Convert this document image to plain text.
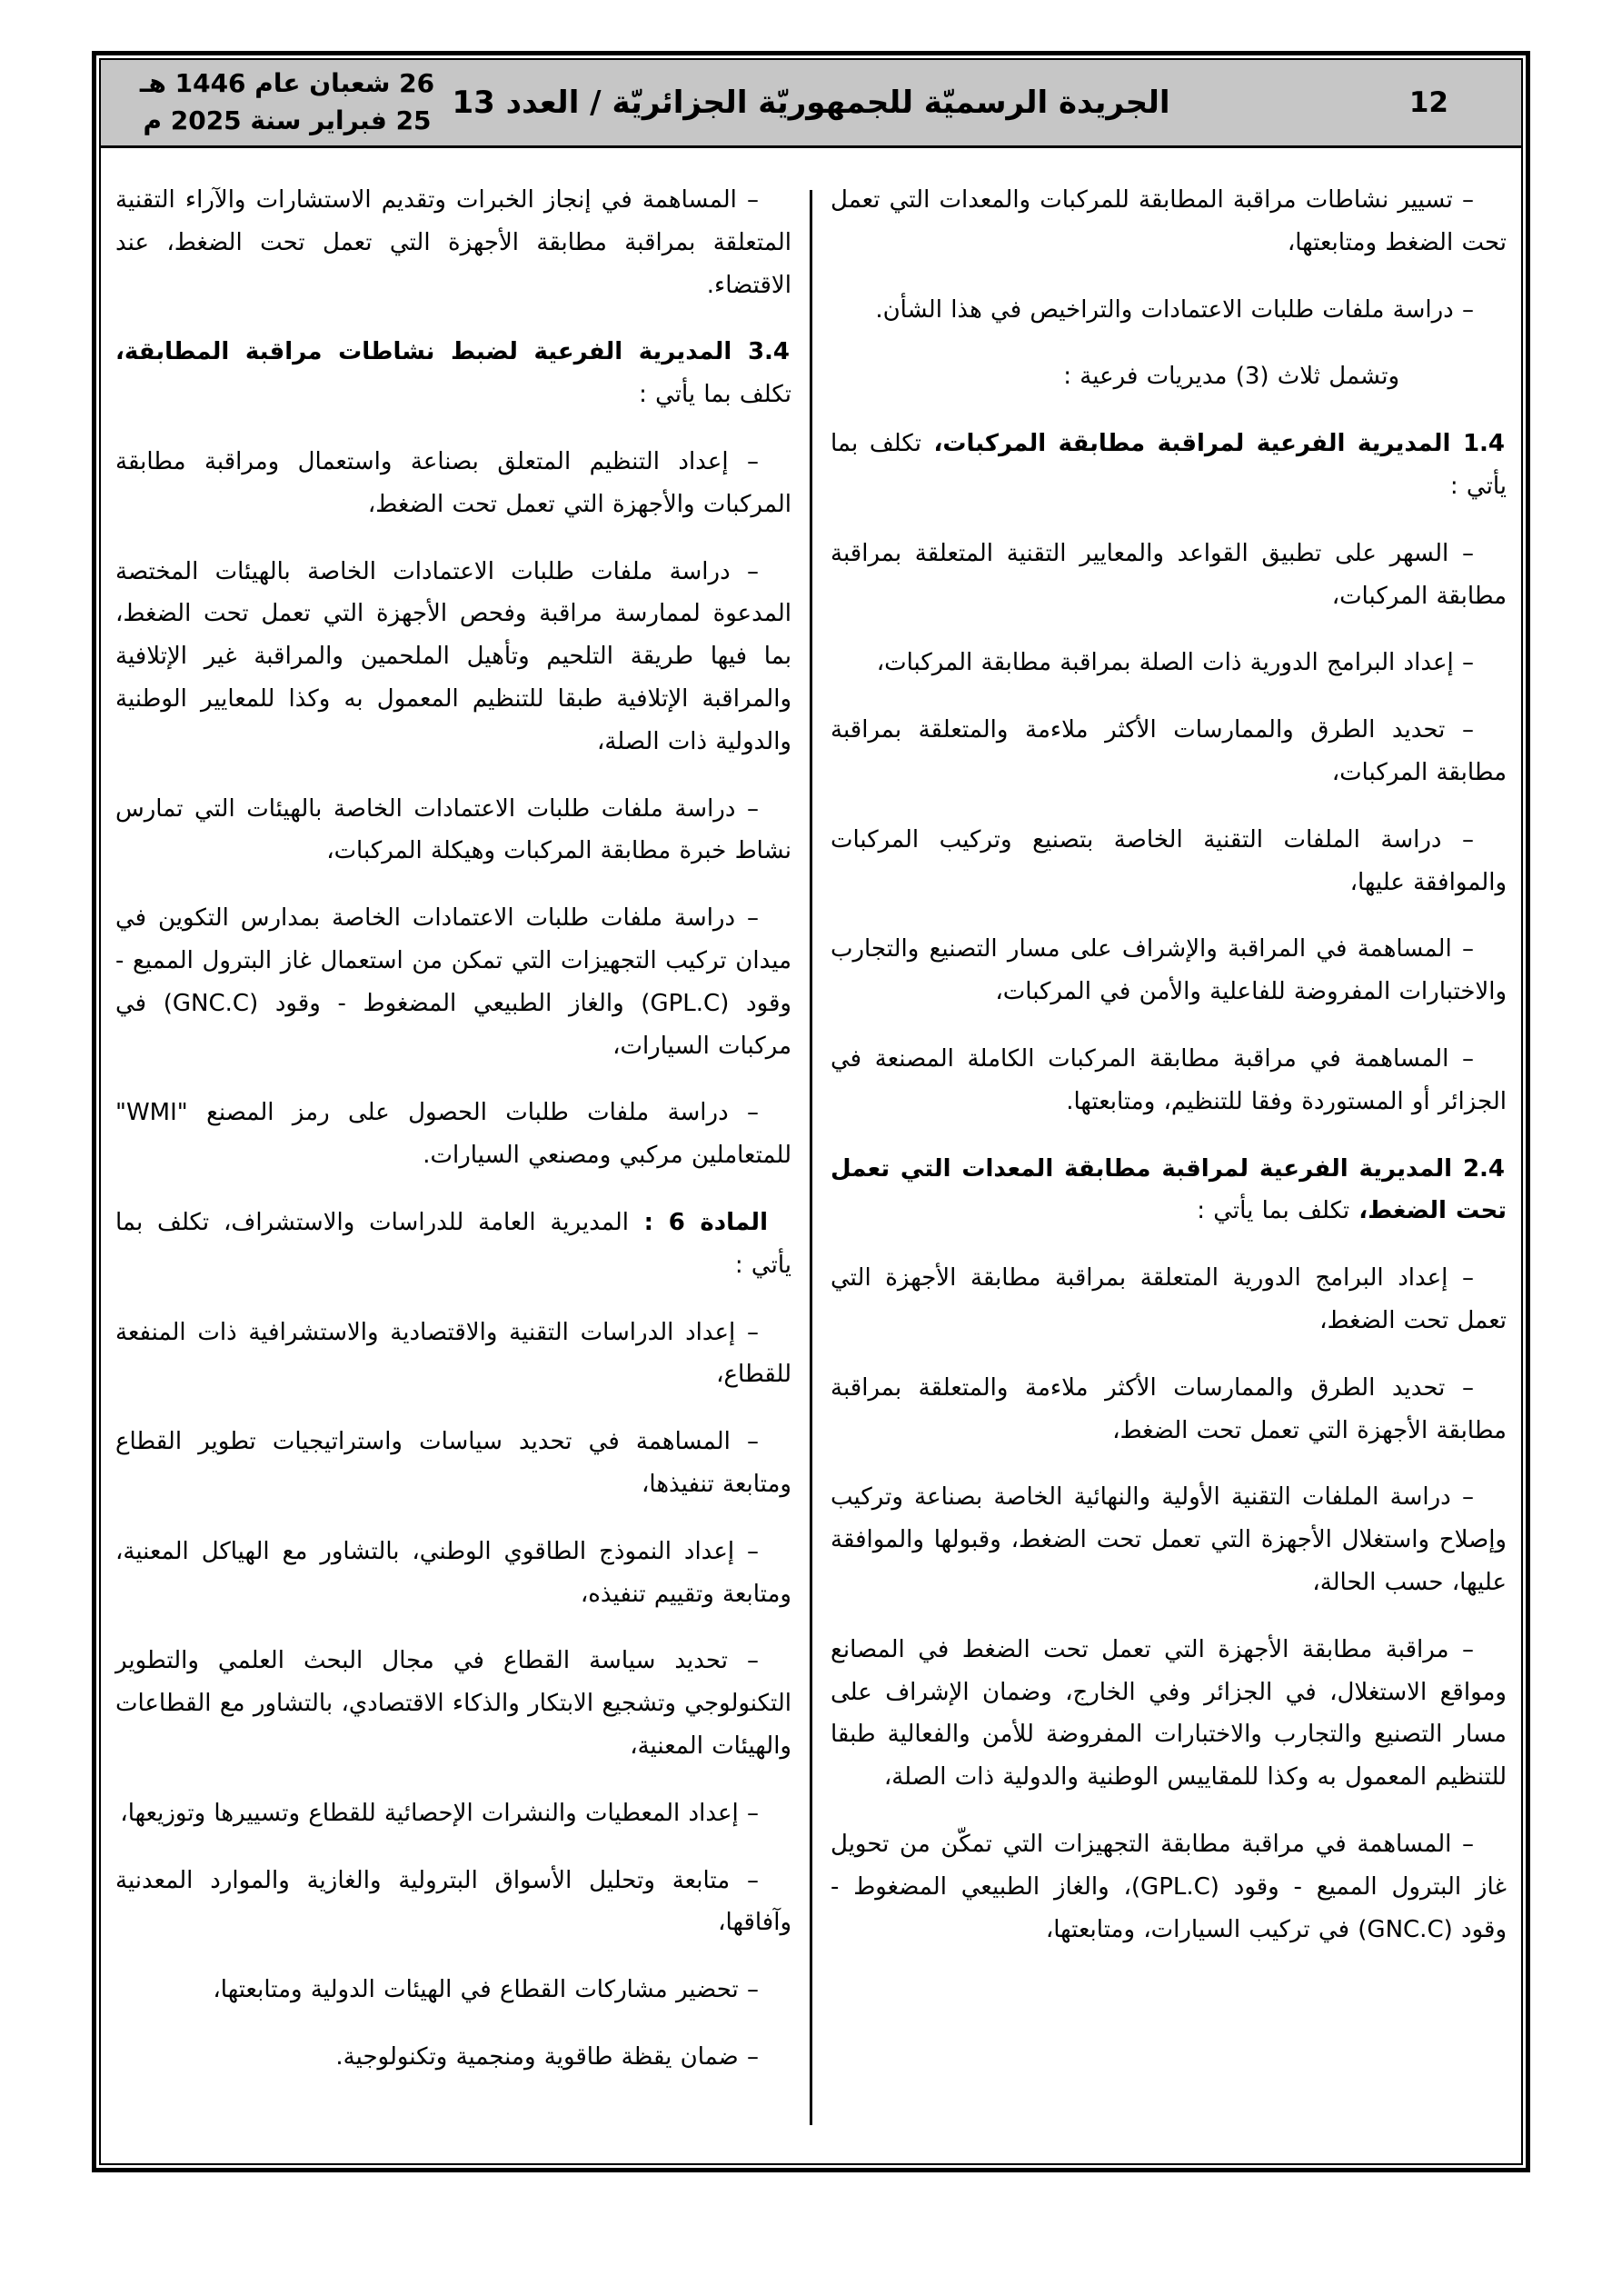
12
الجريدة الرسميّة للجمهوريّة الجزائريّة / العدد 13
26 شعبان عام 1446 هـ
25 فبراير سنة 2025 م

– تسيير نشاطات مراقبة المطابقة للمركبات والمعدات التي تعمل تحت الضغط ومتابعتها،

– دراسة ملفات طلبات الاعتمادات والتراخيص في هذا الشأن.

وتشمل ثلاث (3) مديريات فرعية :

1.4 المديرية الفرعية لمراقبة مطابقة المركبات، تكلف بما يأتي :

– السهر على تطبيق القواعد والمعايير التقنية المتعلقة بمراقبة مطابقة المركبات،

– إعداد البرامج الدورية ذات الصلة بمراقبة مطابقة المركبات،

– تحديد الطرق والممارسات الأكثر ملاءمة والمتعلقة بمراقبة مطابقة المركبات،

– دراسة الملفات التقنية الخاصة بتصنيع وتركيب المركبات والموافقة عليها،

– المساهمة في المراقبة والإشراف على مسار التصنيع والتجارب والاختبارات المفروضة للفاعلية والأمن في المركبات،

– المساهمة في مراقبة مطابقة المركبات الكاملة المصنعة في الجزائر أو المستوردة وفقا للتنظيم، ومتابعتها.

2.4 المديرية الفرعية لمراقبة مطابقة المعدات التي تعمل تحت الضغط، تكلف بما يأتي :

– إعداد البرامج الدورية المتعلقة بمراقبة مطابقة الأجهزة التي تعمل تحت الضغط،

– تحديد الطرق والممارسات الأكثر ملاءمة والمتعلقة بمراقبة مطابقة الأجهزة التي تعمل تحت الضغط،

– دراسة الملفات التقنية الأولية والنهائية الخاصة بصناعة وتركيب وإصلاح واستغلال الأجهزة التي تعمل تحت الضغط، وقبولها والموافقة عليها، حسب الحالة،

– مراقبة مطابقة الأجهزة التي تعمل تحت الضغط في المصانع ومواقع الاستغلال، في الجزائر وفي الخارج، وضمان الإشراف على مسار التصنيع والتجارب والاختبارات المفروضة للأمن والفعالية طبقا للتنظيم المعمول به وكذا للمقاييس الوطنية والدولية ذات الصلة،

– المساهمة في مراقبة مطابقة التجهيزات التي تمكّن من تحويل غاز البترول المميع - وقود (GPL.C)، والغاز الطبيعي المضغوط - وقود (GNC.C) في تركيب السيارات، ومتابعتها،

– المساهمة في إنجاز الخبرات وتقديم الاستشارات والآراء التقنية المتعلقة بمراقبة مطابقة الأجهزة التي تعمل تحت الضغط، عند الاقتضاء.

3.4 المديرية الفرعية لضبط نشاطات مراقبة المطابقة، تكلف بما يأتي :

– إعداد التنظيم المتعلق بصناعة واستعمال ومراقبة مطابقة المركبات والأجهزة التي تعمل تحت الضغط،

– دراسة ملفات طلبات الاعتمادات الخاصة بالهيئات المختصة المدعوة لممارسة مراقبة وفحص الأجهزة التي تعمل تحت الضغط، بما فيها طريقة التلحيم وتأهيل الملحمين والمراقبة غير الإتلافية والمراقبة الإتلافية طبقا للتنظيم المعمول به وكذا للمعايير الوطنية والدولية ذات الصلة،

– دراسة ملفات طلبات الاعتمادات الخاصة بالهيئات التي تمارس نشاط خبرة مطابقة المركبات وهيكلة المركبات،

– دراسة ملفات طلبات الاعتمادات الخاصة بمدارس التكوين في ميدان تركيب التجهيزات التي تمكن من استعمال غاز البترول المميع - وقود (GPL.C) والغاز الطبيعي المضغوط - وقود (GNC.C) في مركبات السيارات،

– دراسة ملفات طلبات الحصول على رمز المصنع "WMI" للمتعاملين مركبي ومصنعي السيارات.

المادة 6 : المديرية العامة للدراسات والاستشراف، تكلف بما يأتي :

– إعداد الدراسات التقنية والاقتصادية والاستشرافية ذات المنفعة للقطاع،

– المساهمة في تحديد سياسات واستراتيجيات تطوير القطاع ومتابعة تنفيذها،

– إعداد النموذج الطاقوي الوطني، بالتشاور مع الهياكل المعنية، ومتابعة وتقييم تنفيذه،

– تحديد سياسة القطاع في مجال البحث العلمي والتطوير التكنولوجي وتشجيع الابتكار والذكاء الاقتصادي، بالتشاور مع القطاعات والهيئات المعنية،

– إعداد المعطيات والنشرات الإحصائية للقطاع وتسييرها وتوزيعها،

– متابعة وتحليل الأسواق البترولية والغازية والموارد المعدنية وآفاقها،

– تحضير مشاركات القطاع في الهيئات الدولية ومتابعتها،

– ضمان يقظة طاقوية ومنجمية وتكنولوجية.
